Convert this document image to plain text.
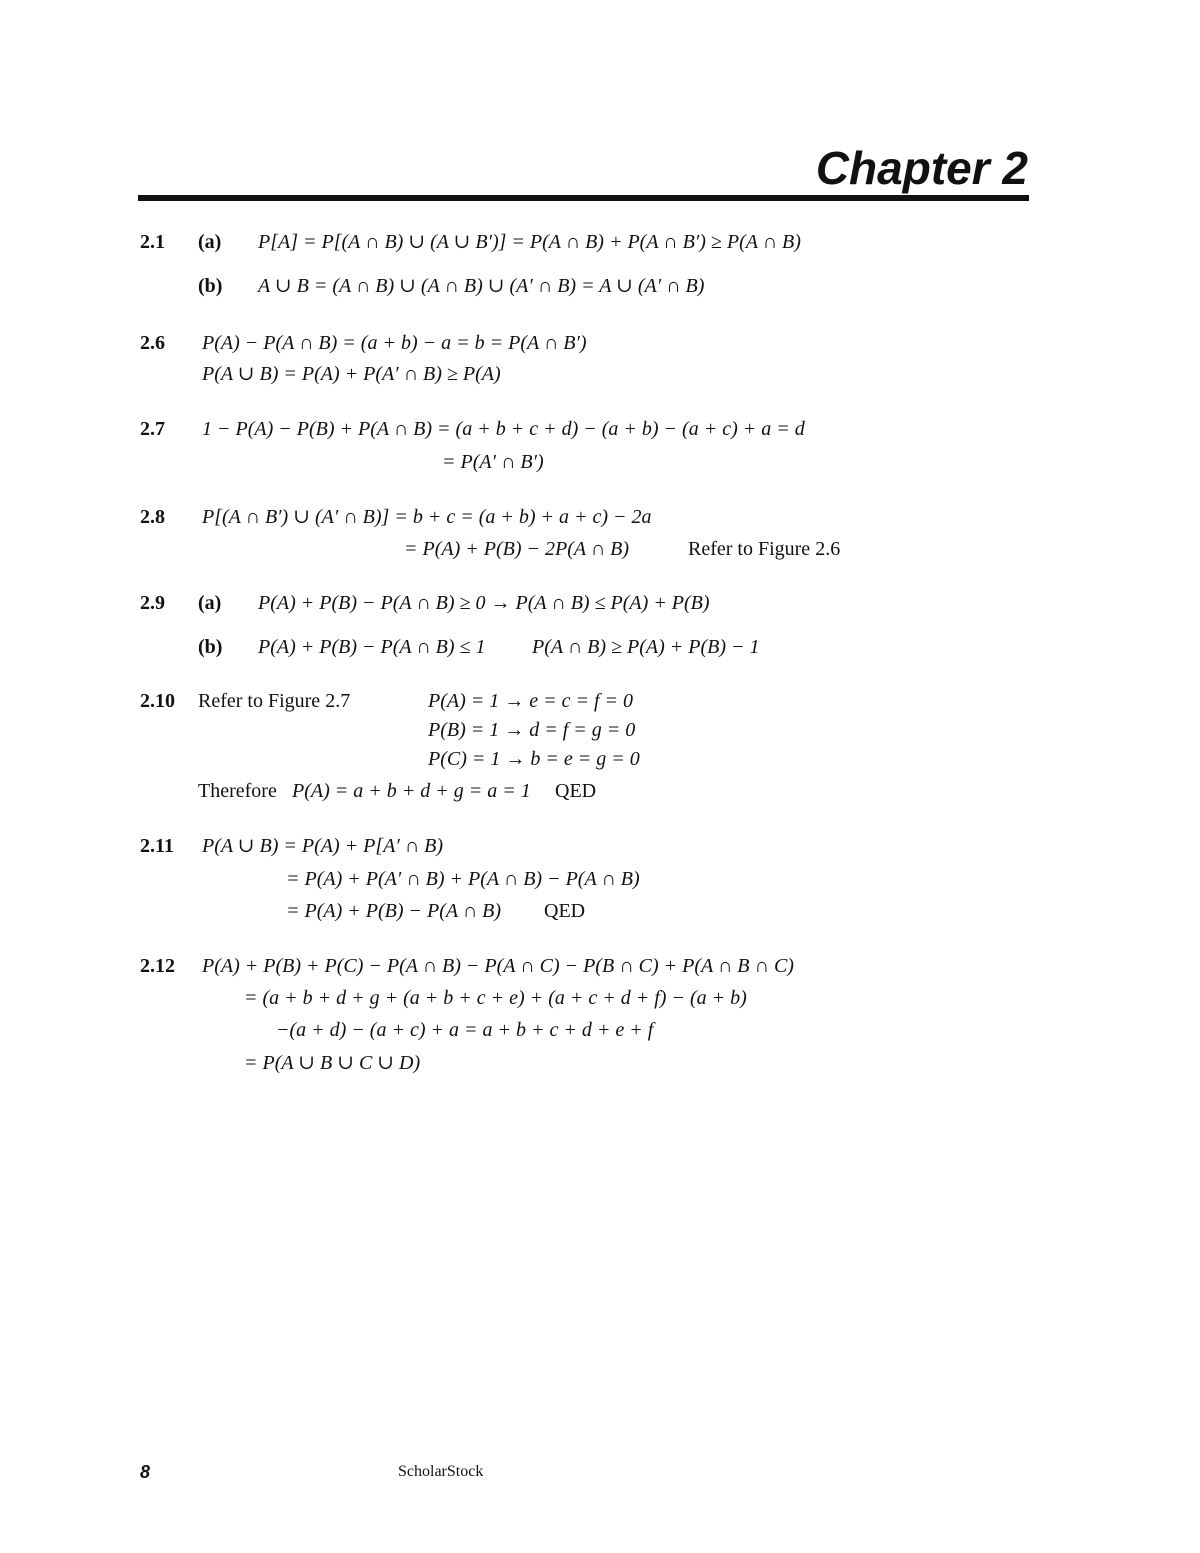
Chapter 2
2.1 (a) P[A] = P[(A ∩ B) ∪ (A ∪ B′)] = P(A ∩ B) + P(A ∩ B′) ≥ P(A ∩ B)
(b) A ∪ B = (A ∩ B) ∪ (A ∩ B) ∪ (A′ ∩ B) = A ∪ (A′ ∩ B)
2.6 P(A) − P(A ∩ B) = (a + b) − a = b = P(A ∩ B′)
P(A ∪ B) = P(A) + P(A′ ∩ B) ≥ P(A)
2.7 1 − P(A) − P(B) + P(A ∩ B) = (a + b + c + d) − (a + b) − (a + c) + a = d
= P(A′ ∩ B′)
2.8 P[(A ∩ B′) ∪ (A′ ∩ B)] = b + c = (a + b) + a + c) − 2a
= P(A) + P(B) − 2P(A ∩ B)	Refer to Figure 2.6
2.9 (a) P(A) + P(B) − P(A ∩ B) ≥ 0 → P(A ∩ B) ≤ P(A) + P(B)
(b) P(A) + P(B) − P(A ∩ B) ≤ 1 P(A ∩ B) ≥ P(A) + P(B) − 1
2.10 Refer to Figure 2.7	P(A) = 1 → e = c = f = 0
P(B) = 1 → d = f = g = 0
P(C) = 1 → b = e = g = 0
Therefore P(A) = a + b + d + g = a = 1 QED
2.11 P(A ∪ B) = P(A) + P[A′ ∩ B)
= P(A) + P(A′ ∩ B) + P(A ∩ B) − P(A ∩ B)
= P(A) + P(B) − P(A ∩ B) QED
2.12 P(A) + P(B) + P(C) − P(A ∩ B) − P(A ∩ C) − P(B ∩ C) + P(A ∩ B ∩ C)
= (a + b + d + g + (a + b + c + e) + (a + c + d + f) − (a + b)
−(a + d) − (a + c) + a = a + b + c + d + e + f
= P(A ∪ B ∪ C ∪ D)
8	ScholarStock
